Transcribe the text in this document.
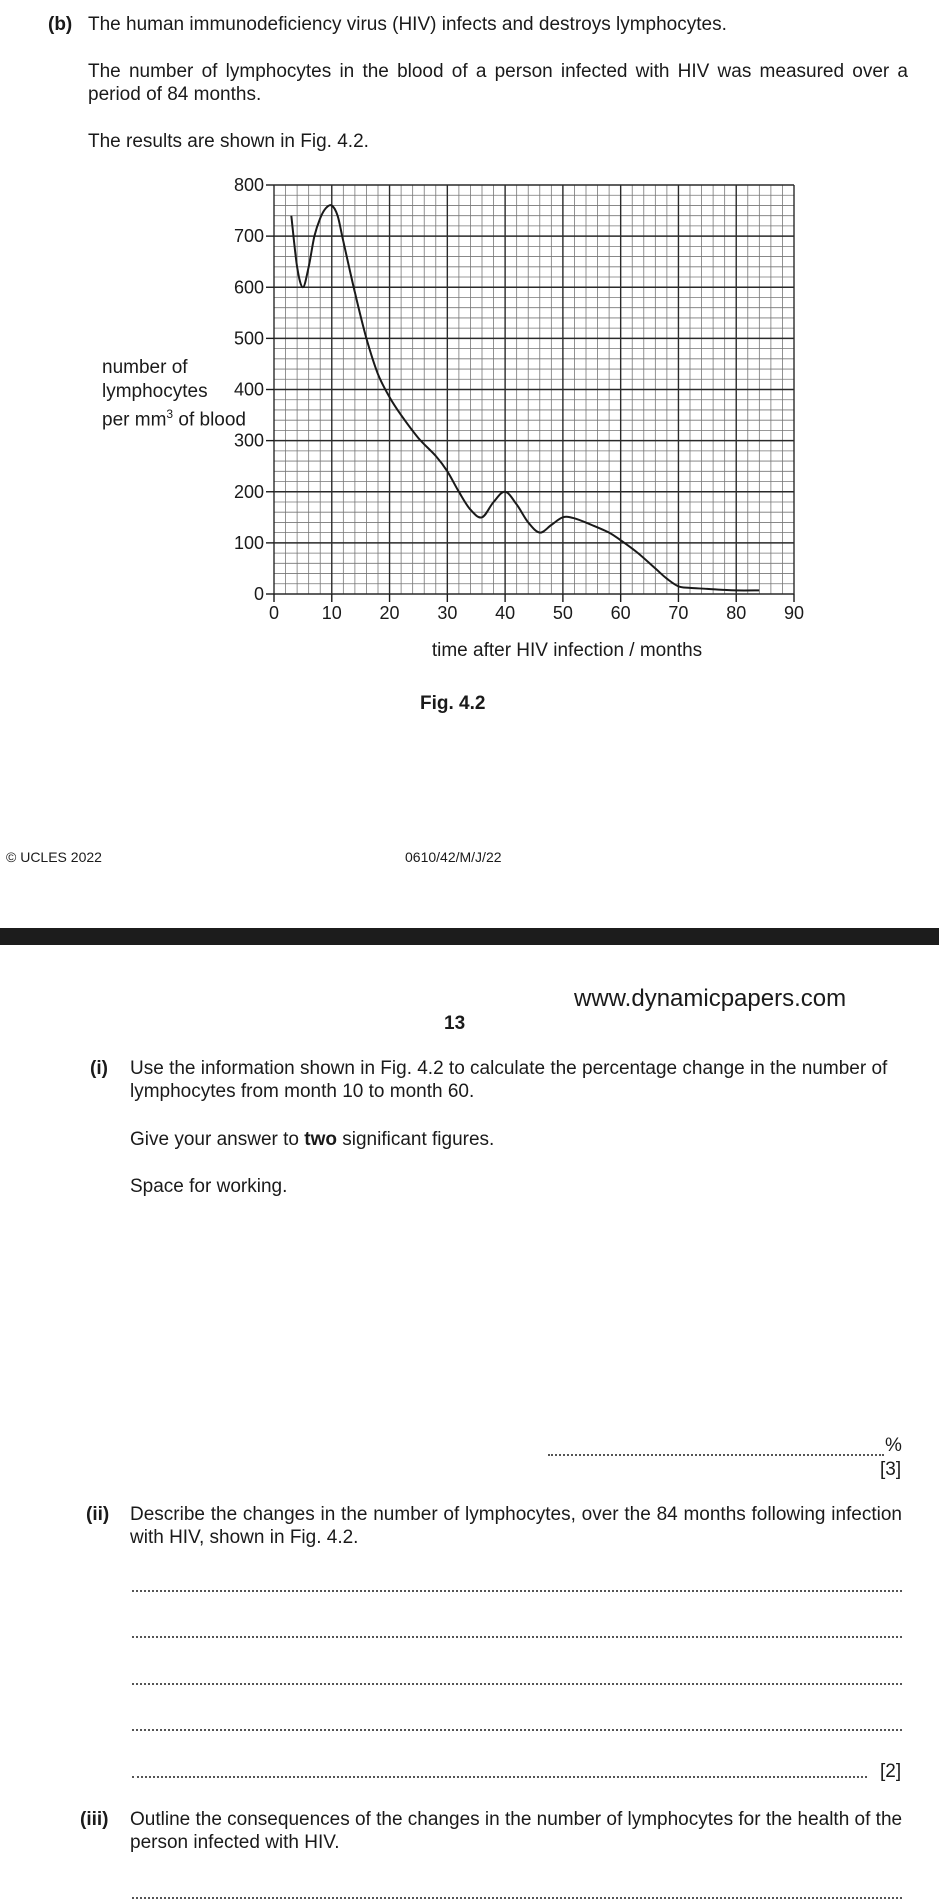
(b) The human immunodeficiency virus (HIV) infects and destroys lymphocytes.
The number of lymphocytes in the blood of a person infected with HIV was measured over a period of 84 months.
The results are shown in Fig. 4.2.
number of
lymphocytes
per $mm^3$ of blood
0
100
200
300
400
500
600
700
800
0 10 20 30 40 50 60 70 80 90
time after HIV infection / months
Fig. 4.2
© UCLES 2022	0610/42/M/J/22
www.dynamicpapers.com
13
(i) Use the information shown in Fig. 4.2 to calculate the percentage change in the number of lymphocytes from month 10 to month 60.
Give your answer to two significant figures.
Space for working.
%
[3]
(ii) Describe the changes in the number of lymphocytes, over the 84 months following infection with HIV, shown in Fig. 4.2.
[2]
(iii) Outline the consequences of the changes in the number of lymphocytes for the health of the person infected with HIV.
